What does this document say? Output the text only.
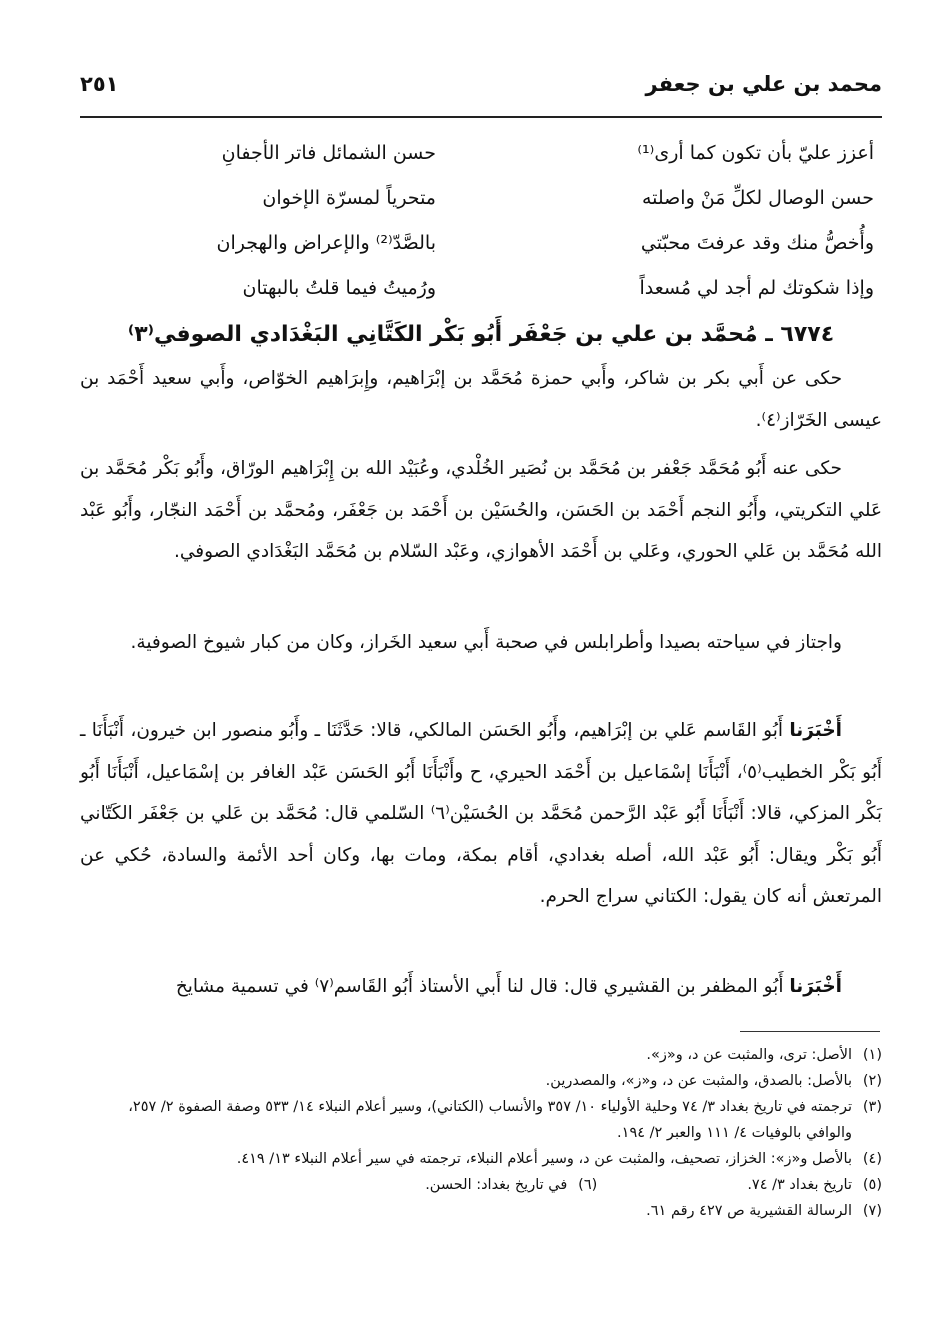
محمد بن علي بن جعفر
٢٥١
أعزز عليّ بأن تكون كما أرى⁽¹⁾
حسن الشمائل فاتر الأجفانِ
حسن الوصال لكلِّ مَنْ واصلته
متحرياً لمسرّة الإخوان
وأُخصُّ منك وقد عرفتَ محبّتي
بالصَّدّ⁽²⁾ والإعراض والهجران
وإذا شكوتك لم أجد لي مُسعداً
ورُميتُ فيما قلتُ بالبهتان
٦٧٧٤ ـ مُحمَّد بن علي بن جَعْفَر أَبُو بَكْر الكَتَّانِي البَغْدَادي الصوفي⁽٣⁾
حكى عن أَبي بكر بن شاكر، وأَبي حمزة مُحَمَّد بن إبْرَاهيم، وإِبرَاهيم الخوّاص، وأَبي سعيد أَحْمَد بن عيسى الخَرّاز⁽٤⁾.
حكى عنه أَبُو مُحَمَّد جَعْفر بن مُحَمَّد بن نُصَير الخُلْدي، وعُبَيْد الله بن إِبْرَاهيم الورّاق، وأَبُو بَكْر مُحَمَّد بن عَلي التكريتي، وأَبُو النجم أَحْمَد بن الحَسَن، والحُسَيْن بن أَحْمَد بن جَعْفَر، ومُحمَّد بن أَحْمَد النجّار، وأَبُو عَبْد الله مُحَمَّد بن عَلي الحوري، وعَلي بن أَحْمَد الأهوازي، وعَبْد السّلام بن مُحَمَّد البَغْدَادي الصوفي.
واجتاز في سياحته بصيدا وأطرابلس في صحبة أَبي سعيد الخَراز، وكان من كبار شيوخ الصوفية.
أَخْبَرَنا أَبُو القَاسم عَلي بن إبْرَاهيم، وأَبُو الحَسَن المالكي، قالا: حَدَّثَنَا ـ وأَبُو منصور ابن خيرون، أَنْبَأَنَا ـ أَبُو بَكْر الخطيب⁽٥⁾، أَنْبَأَنَا إسْمَاعيل بن أَحْمَد الحيري، ح وأَنْبَأَنَا أَبُو الحَسَن عَبْد الغافر بن إسْمَاعيل، أَنْبَأَنَا أَبُو بَكْر المزكي، قالا: أَنْبَأَنَا أَبُو عَبْد الرَّحمن مُحَمَّد بن الحُسَيْن⁽٦⁾ السّلمي قال: مُحَمَّد بن عَلي بن جَعْفَر الكَتّاني أَبُو بَكْر ويقال: أَبُو عَبْد الله، أصله بغدادي، أقام بمكة، ومات بها، وكان أحد الأئمة والسادة، حُكي عن المرتعش أنه كان يقول: الكتاني سراج الحرم.
أَخْبَرَنا أَبُو المظفر بن القشيري قال: قال لنا أَبي الأستاذ أَبُو القَاسم⁽٧⁾ في تسمية مشايخ
(١)
الأصل: ترى، والمثبت عن د، و«ز».
(٢)
بالأصل: بالصدق، والمثبت عن د، و«ز»، والمصدرين.
(٣)
ترجمته في تاريخ بغداد ٣/ ٧٤ وحلية الأولياء ١٠/ ٣٥٧ والأنساب (الكتاني)، وسير أعلام النبلاء ١٤/ ٥٣٣ وصفة الصفوة ٢/ ٢٥٧، والوافي بالوفيات ٤/ ١١١ والعبر ٢/ ١٩٤.
(٤)
بالأصل و«ز»: الخزاز، تصحيف، والمثبت عن د، وسير أعلام النبلاء، ترجمته في سير أعلام النبلاء ١٣/ ٤١٩.
(٥)
تاريخ بغداد ٣/ ٧٤.
(٦)
في تاريخ بغداد: الحسن.
(٧)
الرسالة القشيرية ص ٤٢٧ رقم ٦١.
